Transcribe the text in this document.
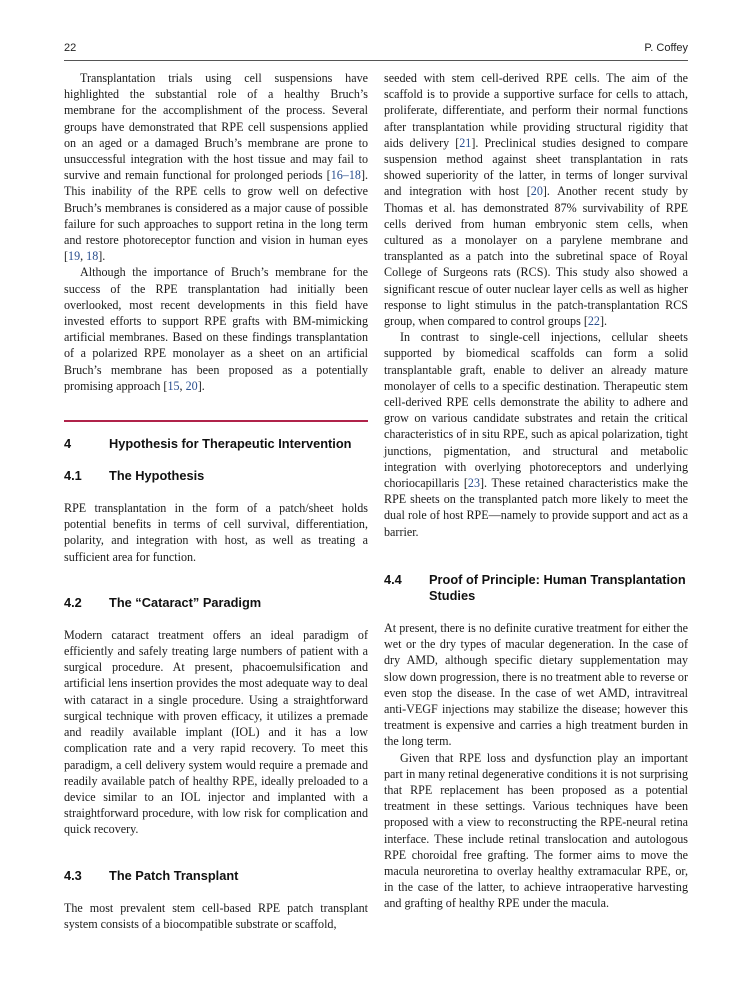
22	P. Coffey

Transplantation trials using cell suspensions have highlighted the substantial role of a healthy Bruch’s membrane for the accomplishment of the process. Several groups have demonstrated that RPE cell suspensions applied on an aged or a damaged Bruch’s membrane are prone to unsuccessful integration with the host tissue and may fail to survive and remain functional for prolonged periods [16–18]. This inability of the RPE cells to grow well on defective Bruch’s membranes is considered as a major cause of possible failure for such approaches to support retina in the long term and restore photoreceptor function and vision in human eyes [19, 18].

Although the importance of Bruch’s membrane for the success of the RPE transplantation had initially been overlooked, most recent developments in this field have invested efforts to support RPE grafts with BM-mimicking artificial membranes. Based on these findings transplantation of a polarized RPE monolayer as a sheet on an artificial Bruch’s membrane has been proposed as a potentially promising approach [15, 20].

4	Hypothesis for Therapeutic Intervention
4.1	The Hypothesis

RPE transplantation in the form of a patch/sheet holds potential benefits in terms of cell survival, differentiation, polarity, and integration with host, as well as treating a sufficient area for function.

4.2	The “Cataract” Paradigm

Modern cataract treatment offers an ideal paradigm of efficiently and safely treating large numbers of patient with a surgical procedure. At present, phacoemulsification and artificial lens insertion provides the most adequate way to deal with cataract in a single procedure. Using a straightforward surgical technique with proven efficacy, it utilizes a premade and readily available implant (IOL) and it has a low complication rate and a very rapid recovery. To meet this paradigm, a cell delivery system would require a premade and readily available patch of healthy RPE, ideally preloaded to a device similar to an IOL injector and implanted with a straightforward procedure, with low risk for complication and quick recovery.

4.3	The Patch Transplant

The most prevalent stem cell-based RPE patch transplant system consists of a biocompatible substrate or scaffold,

seeded with stem cell-derived RPE cells. The aim of the scaffold is to provide a supportive surface for cells to attach, proliferate, differentiate, and perform their normal functions after transplantation while providing structural rigidity that aids delivery [21]. Preclinical studies designed to compare suspension method against sheet transplantation in rats showed superiority of the latter, in terms of longer survival and integration with host [20]. Another recent study by Thomas et al. has demonstrated 87% survivability of RPE cells derived from human embryonic stem cells, when cultured as a monolayer on a parylene membrane and transplanted as a patch into the subretinal space of Royal College of Surgeons rats (RCS). This study also showed a significant rescue of outer nuclear layer cells as well as higher response to light stimulus in the patch-transplantation RCS group, when compared to control groups [22].

In contrast to single-cell injections, cellular sheets supported by biomedical scaffolds can form a solid transplantable graft, enable to deliver an already mature monolayer of cells to a specific destination. Therapeutic stem cell-derived RPE cells demonstrate the ability to adhere and grow on various candidate substrates and retain the critical characteristics of in situ RPE, such as apical polarization, tight junctions, pigmentation, and structural and metabolic integration with overlying photoreceptors and underlying choriocapillaris [23]. These retained characteristics make the RPE sheets on the transplanted patch more likely to meet the dual role of host RPE—namely to provide support and act as a barrier.

4.4	Proof of Principle: Human Transplantation Studies

At present, there is no definite curative treatment for either the wet or the dry types of macular degeneration. In the case of dry AMD, although specific dietary supplementation may slow down progression, there is no treatment able to reverse or even stop the disease. In the case of wet AMD, intravitreal anti-VEGF injections may stabilize the disease; however this treatment is expensive and carries a high treatment burden in the long term.

Given that RPE loss and dysfunction play an important part in many retinal degenerative conditions it is not surprising that RPE replacement has been proposed as a potential treatment in these settings. Various techniques have been proposed with a view to reconstructing the RPE-neural retina interface. These include retinal translocation and autologous RPE choroidal free grafting. The former aims to move the macula neuroretina to overlay healthy extramacular RPE, or, in the case of the latter, to achieve intraoperative harvesting and grafting of healthy RPE under the macula.
